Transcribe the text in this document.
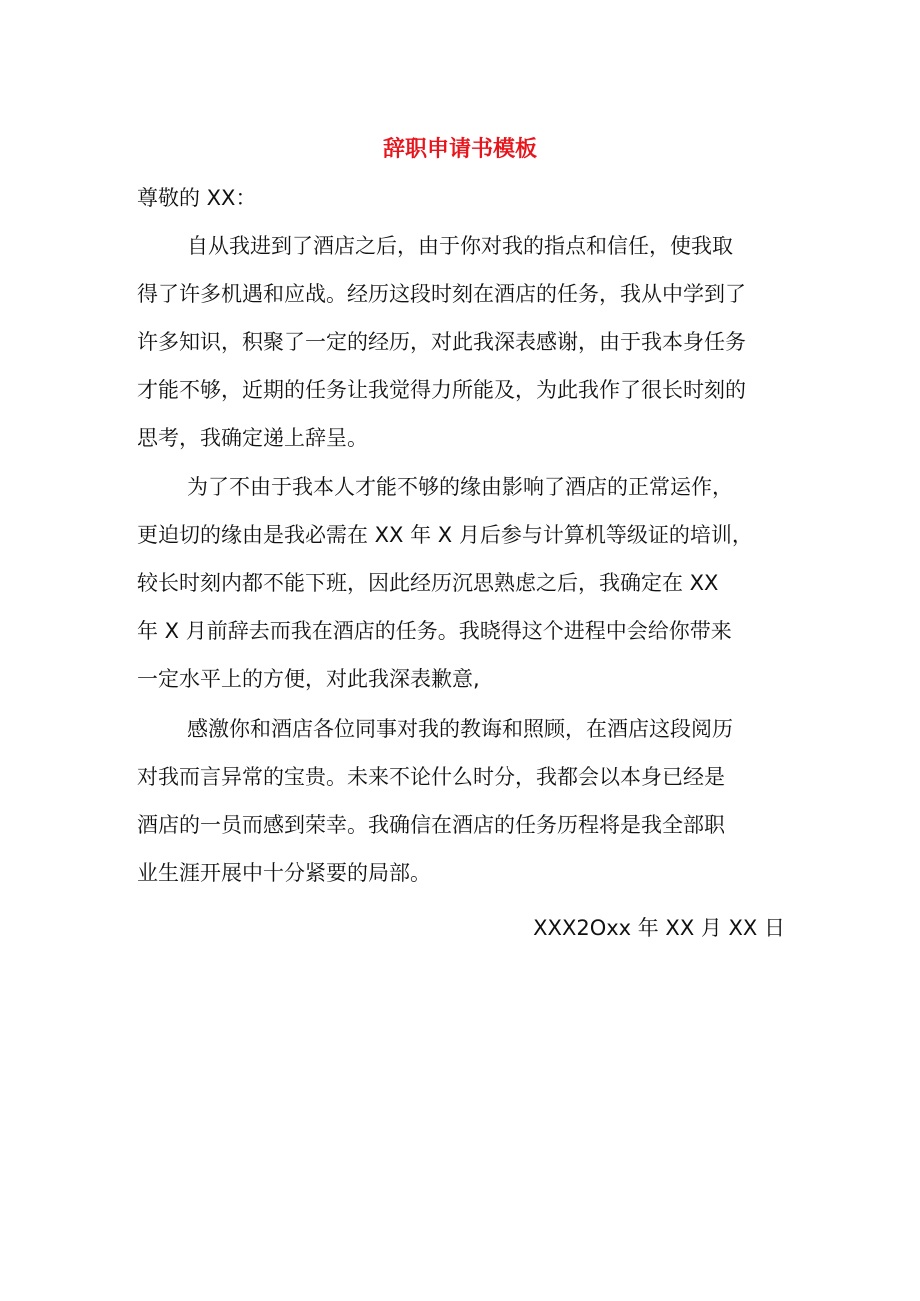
辞职申请书模板
尊敬的 XX：
自从我进到了酒店之后，由于你对我的指点和信任，使我取
得了许多机遇和应战。经历这段时刻在酒店的任务，我从中学到了
许多知识，积聚了一定的经历，对此我深表感谢，由于我本身任务
才能不够，近期的任务让我觉得力所能及，为此我作了很长时刻的
思考，我确定递上辞呈。
为了不由于我本人才能不够的缘由影响了酒店的正常运作，
更迫切的缘由是我必需在 XX 年 X 月后参与计算机等级证的培训，
较长时刻内都不能下班，因此经历沉思熟虑之后，我确定在 XX
年 X 月前辞去而我在酒店的任务。我晓得这个进程中会给你带来
一定水平上的方便，对此我深表歉意,
感激你和酒店各位同事对我的教诲和照顾，在酒店这段阅历
对我而言异常的宝贵。未来不论什么时分，我都会以本身已经是
酒店的一员而感到荣幸。我确信在酒店的任务历程将是我全部职
业生涯开展中十分紧要的局部。
XXX2Oxx 年 XX 月 XX 日
